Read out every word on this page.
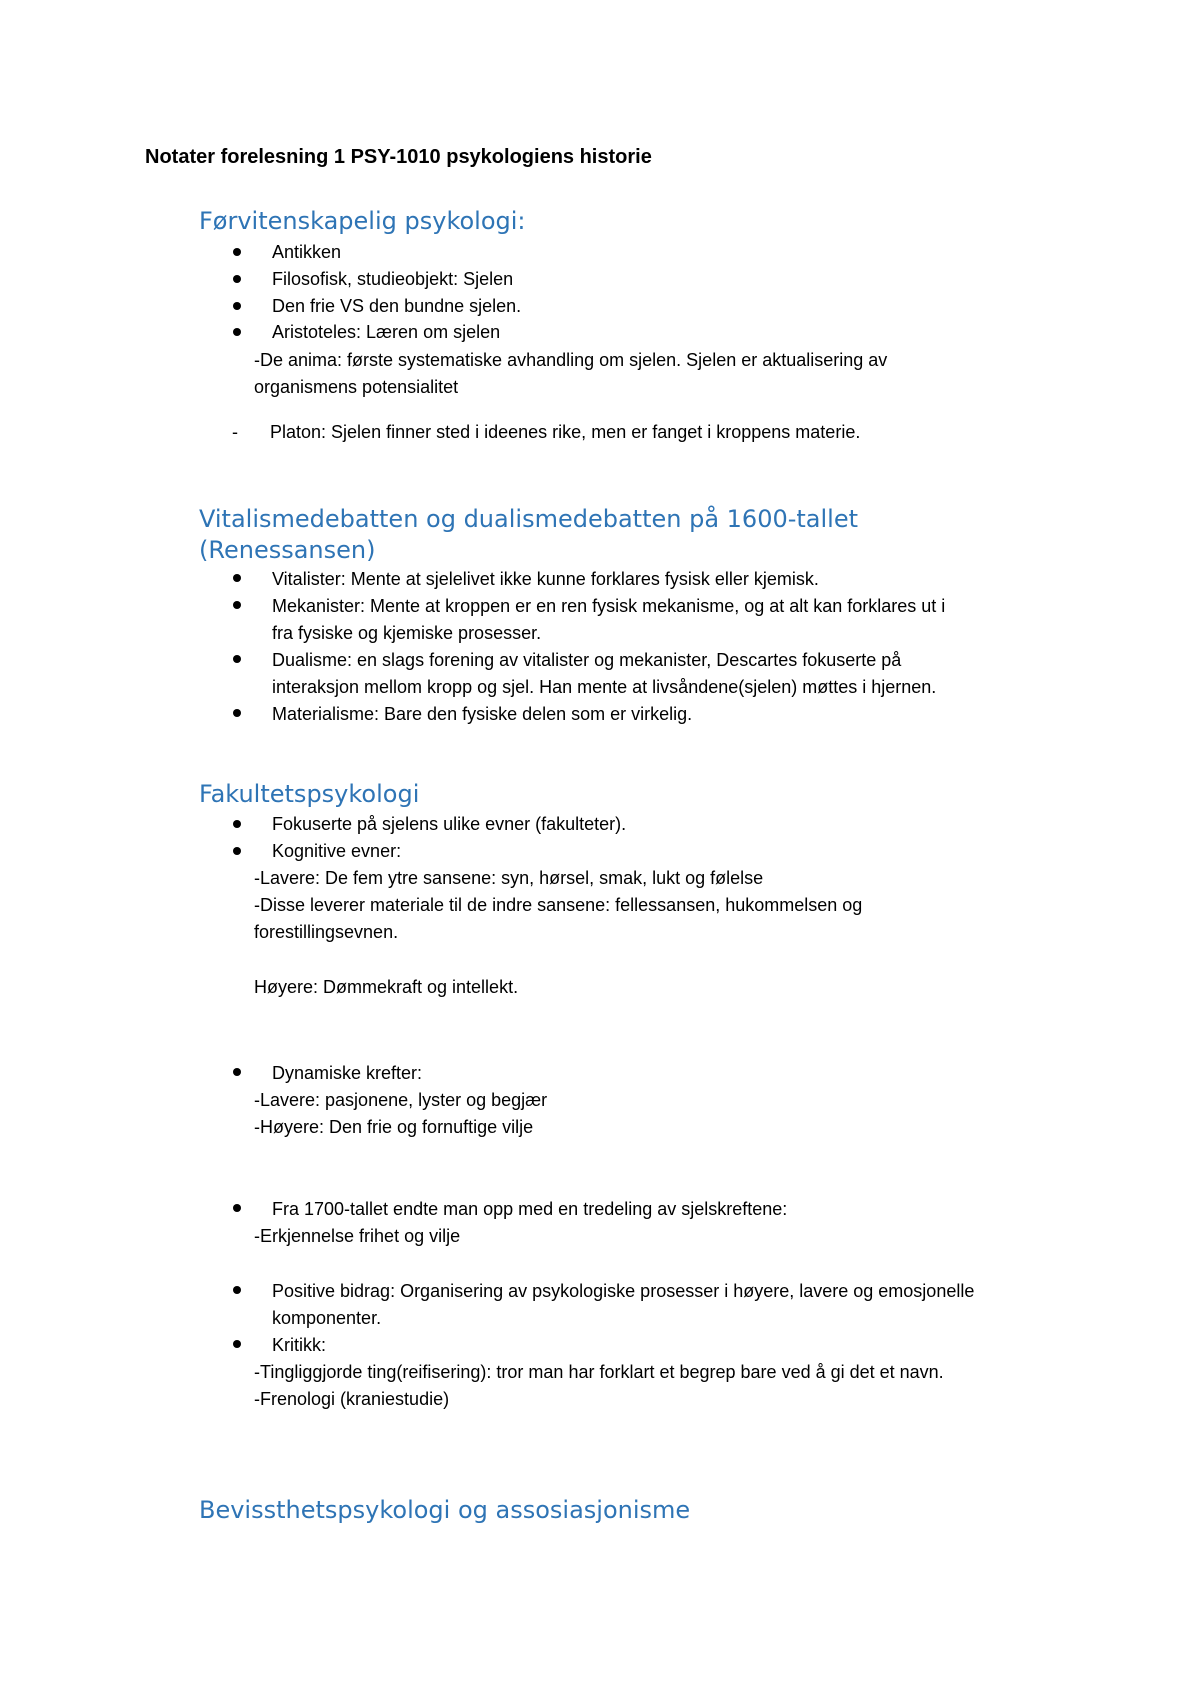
Notater forelesning 1 PSY-1010 psykologiens historie
Førvitenskapelig psykologi:
Antikken
Filosofisk, studieobjekt: Sjelen
Den frie VS den bundne sjelen.
Aristoteles: Læren om sjelen
-De anima: første systematiske avhandling om sjelen. Sjelen er aktualisering av
organismens potensialitet
- Platon: Sjelen finner sted i ideenes rike, men er fanget i kroppens materie.
Vitalismedebatten og dualismedebatten på 1600-tallet
(Renessansen)
Vitalister: Mente at sjelelivet ikke kunne forklares fysisk eller kjemisk.
Mekanister: Mente at kroppen er en ren fysisk mekanisme, og at alt kan forklares ut i
fra fysiske og kjemiske prosesser.
Dualisme: en slags forening av vitalister og mekanister, Descartes fokuserte på
interaksjon mellom kropp og sjel. Han mente at livsåndene(sjelen) møttes i hjernen.
Materialisme: Bare den fysiske delen som er virkelig.
Fakultetspsykologi
Fokuserte på sjelens ulike evner (fakulteter).
Kognitive evner:
-Lavere: De fem ytre sansene: syn, hørsel, smak, lukt og følelse
-Disse leverer materiale til de indre sansene: fellessansen, hukommelsen og
forestillingsevnen.
Høyere: Dømmekraft og intellekt.
Dynamiske krefter:
-Lavere: pasjonene, lyster og begjær
-Høyere: Den frie og fornuftige vilje
Fra 1700-tallet endte man opp med en tredeling av sjelskreftene:
-Erkjennelse frihet og vilje
Positive bidrag: Organisering av psykologiske prosesser i høyere, lavere og emosjonelle
komponenter.
Kritikk:
-Tingliggjorde ting(reifisering): tror man har forklart et begrep bare ved å gi det et navn.
-Frenologi (kraniestudie)
Bevissthetspsykologi og assosiasjonisme
